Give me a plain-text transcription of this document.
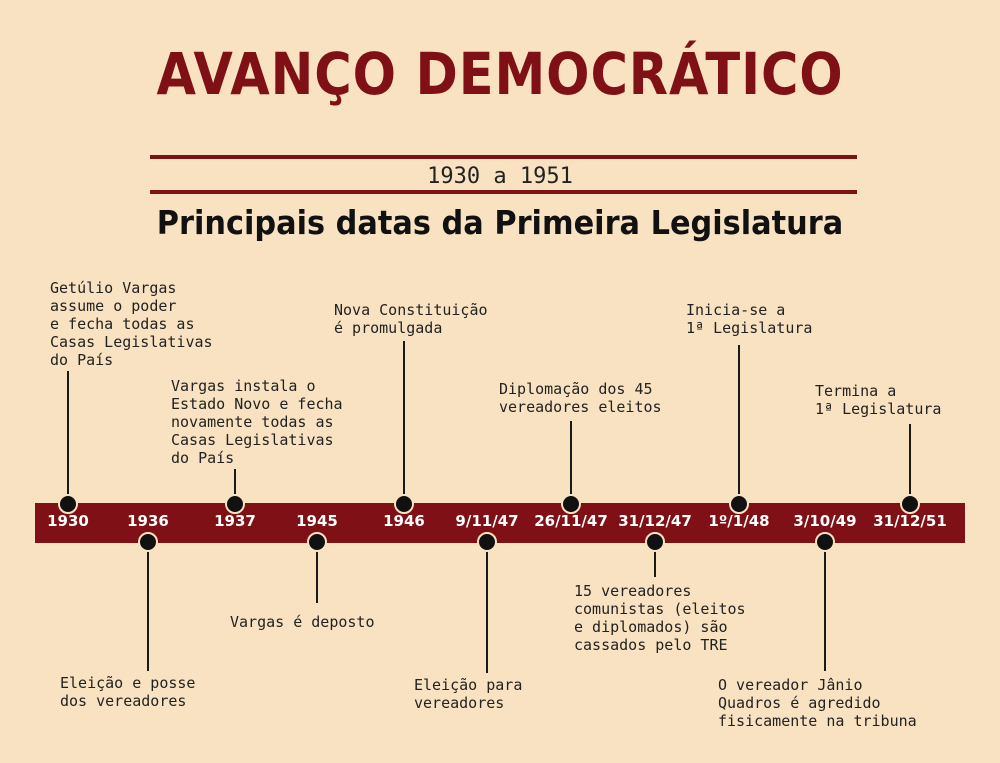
AVANÇO DEMOCRÁTICO
1930 a 1951
Principais datas da Primeira Legislatura
1930

Getúlio Vargas
assume o poder
e fecha todas as
Casas Legislativas
do País

1936

Eleição e posse
dos vereadores

1937

Vargas instala o
Estado Novo e fecha
novamente todas as
Casas Legislativas
do País

1945

Vargas é deposto

1946

Nova Constituição
é promulgada

9/11/47

Eleição para
vereadores

26/11/47

Diplomação dos 45
vereadores eleitos

31/12/47

15 vereadores
comunistas (eleitos
e diplomados) são
cassados pelo TRE

1º/1/48

Inicia-se a
1ª Legislatura

3/10/49

O vereador Jânio
Quadros é agredido
fisicamente na tribuna

31/12/51

Termina a
1ª Legislatura
